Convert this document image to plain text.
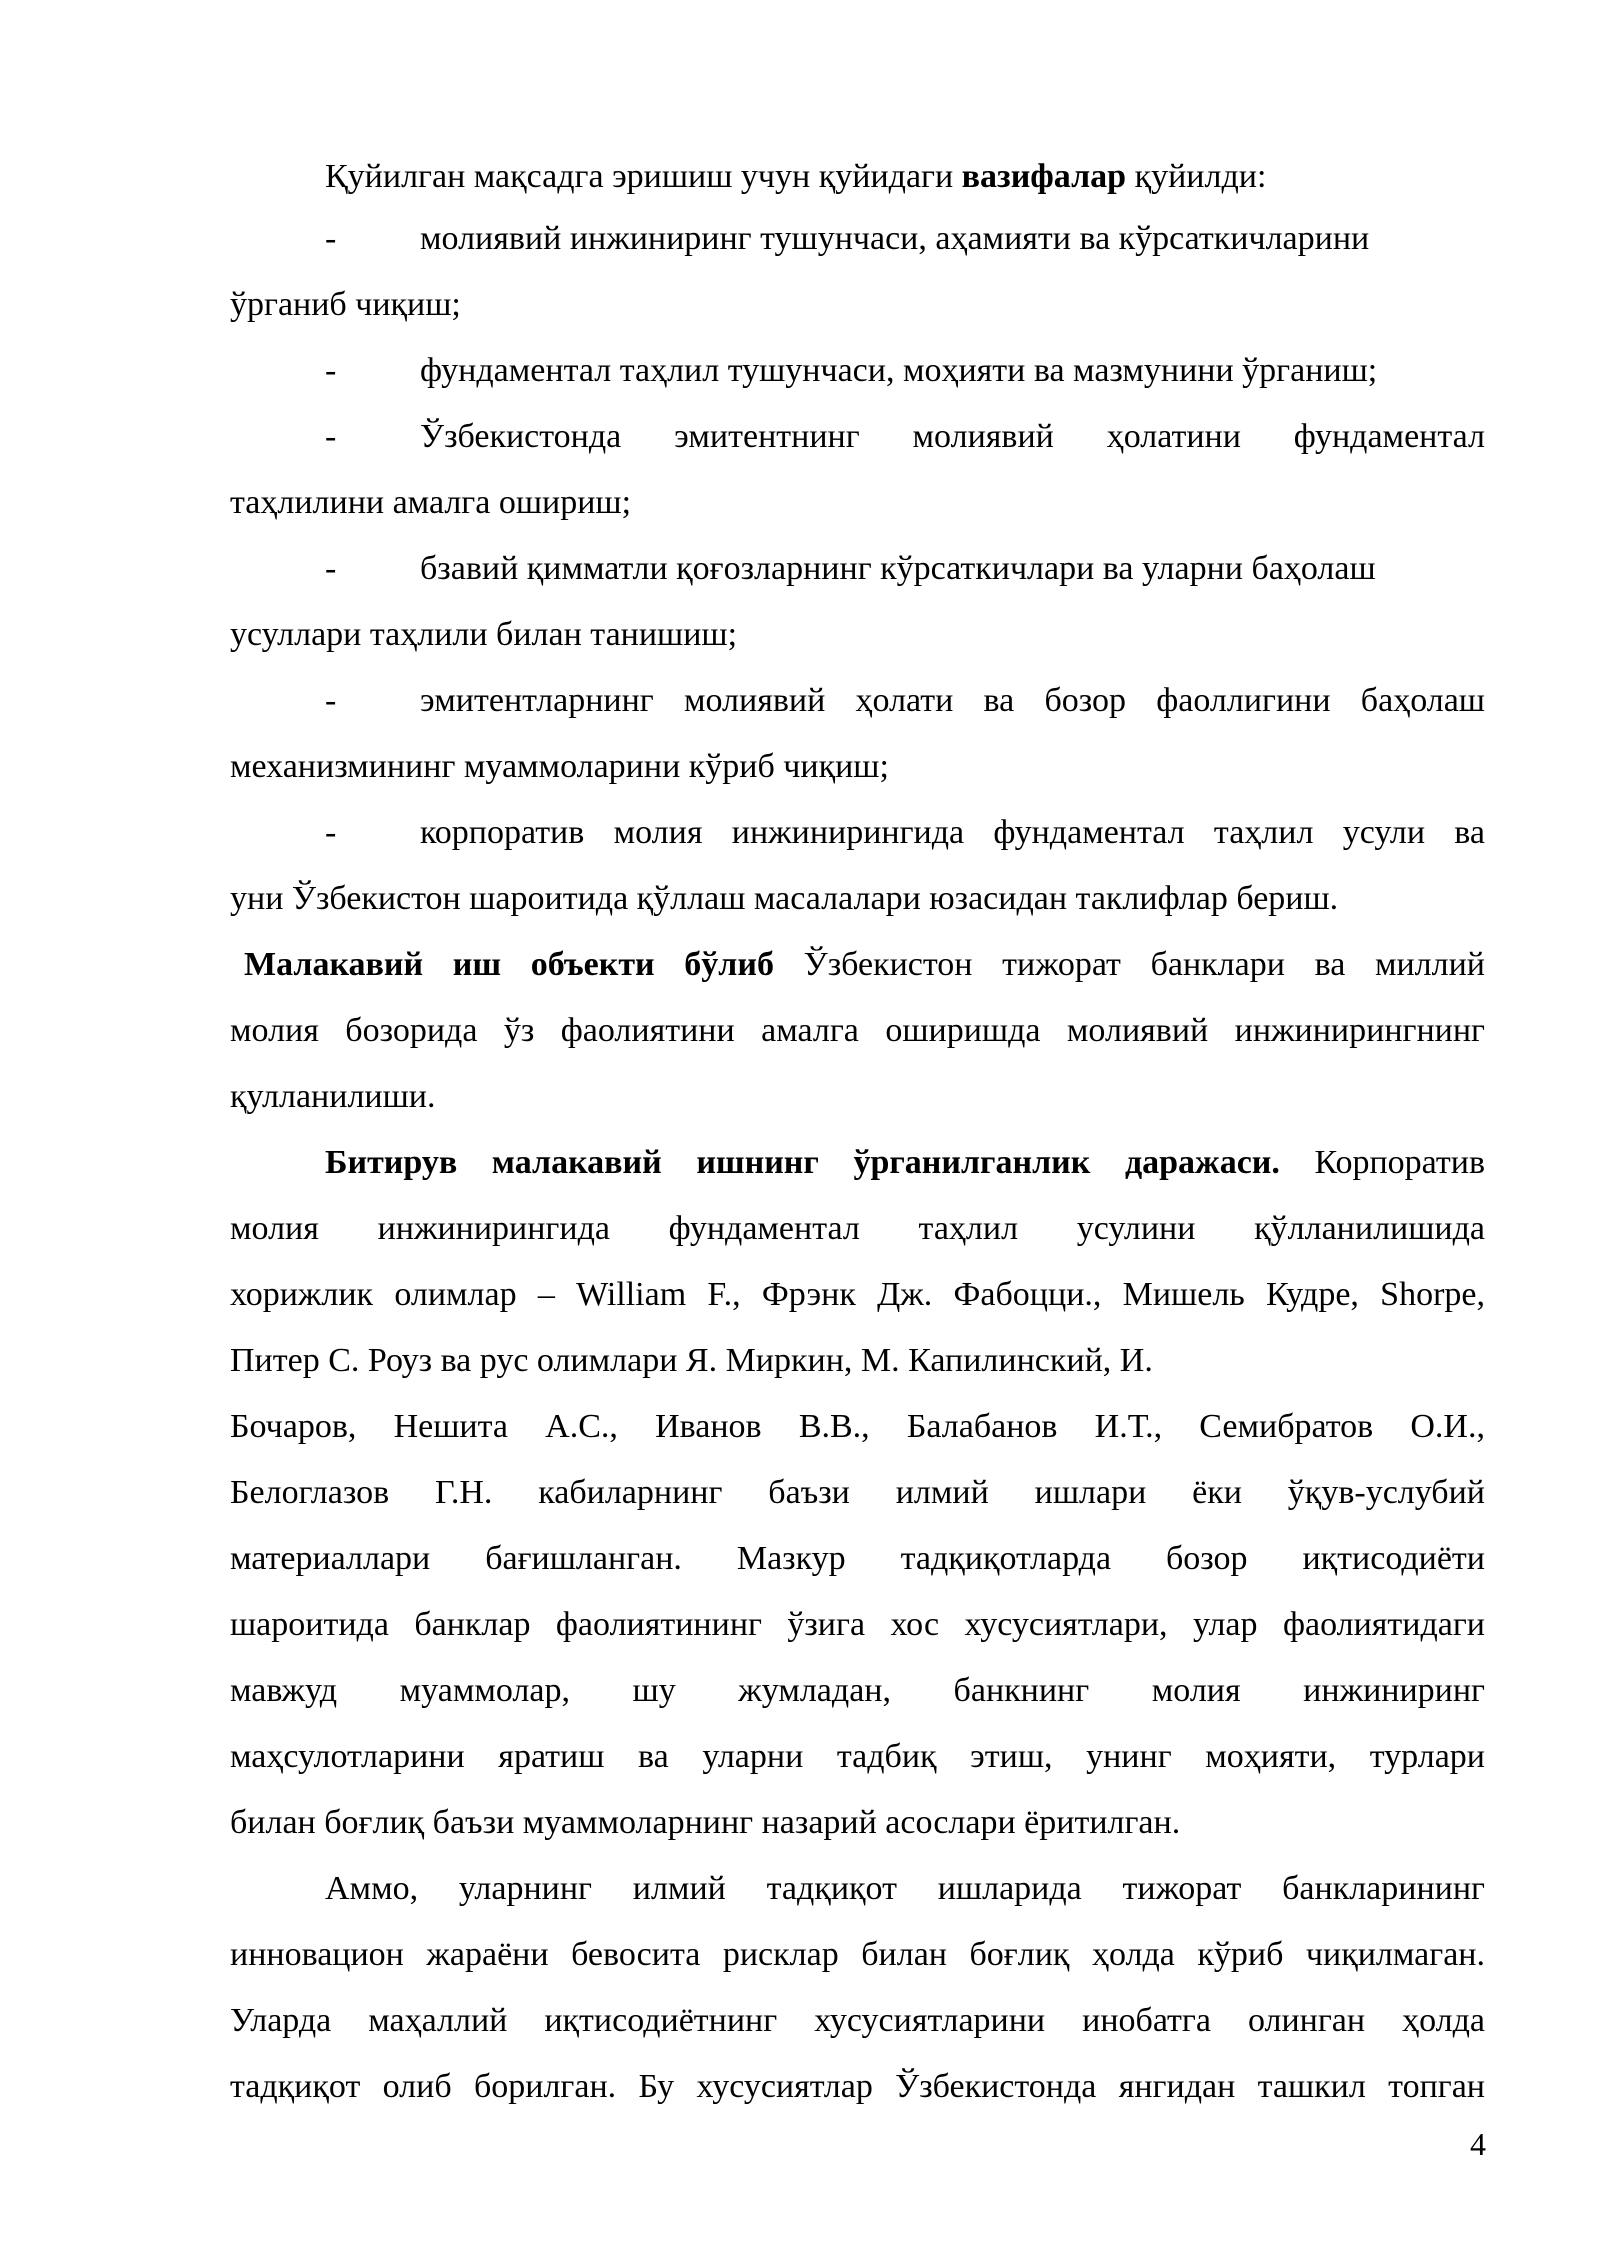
Қуйилган мақсадга эришиш учун қуйидаги вазифалар қуйилди:
- молиявий инжиниринг тушунчаси, аҳамияти ва кўрсаткичларини
ўрганиб чиқиш;
- фундаментал таҳлил тушунчаси, моҳияти ва мазмунини ўрганиш;
- Ўзбекистонда эмитентнинг молиявий ҳолатини фундаментал
таҳлилини амалга ошириш;
- бзавий қимматли қоғозларнинг кўрсаткичлари ва уларни баҳолаш
усуллари таҳлили билан танишиш;
- эмитентларнинг молиявий ҳолати ва бозор фаоллигини баҳолаш
механизмининг муаммоларини кўриб чиқиш;
- корпоратив молия инжинирингида фундаментал таҳлил усули ва
уни Ўзбекистон шароитида қўллаш масалалари юзасидан таклифлар бериш.
Малакавий иш объекти бўлиб Ўзбекистон тижорат банклари ва миллий
молия бозорида ўз фаолиятини амалга оширишда молиявий инжинирингнинг
қулланилиши.
Битирув малакавий ишнинг ўрганилганлик даражаси. Корпоратив
молия инжинирингида фундаментал таҳлил усулини қўлланилишида
хорижлик олимлар – William F., Фрэнк Дж. Фабоцци., Мишель Кудре, Shorpe,
Питер С. Роуз ва рус олимлари Я. Миркин, М. Капилинский, И.
Бочаров, Нешита А.С., Иванов В.В., Балабанов И.Т., Семибратов О.И.,
Белоглазов Г.Н. кабиларнинг баъзи илмий ишлари ёки ўқув-услубий
материаллари бағишланган. Мазкур тадқиқотларда бозор иқтисодиёти
шароитида банклар фаолиятининг ўзига хос хусусиятлари, улар фаолиятидаги
мавжуд муаммолар, шу жумладан, банкнинг молия инжиниринг
маҳсулотларини яратиш ва уларни тадбиқ этиш, унинг моҳияти, турлари
билан боғлиқ баъзи муаммоларнинг назарий асослари ёритилган.
Аммо, уларнинг илмий тадқиқот ишларида тижорат банкларининг
инновацион жараёни бевосита рисклар билан боғлиқ ҳолда кўриб чиқилмаган.
Уларда маҳаллий иқтисодиётнинг хусусиятларини инобатга олинган ҳолда
тадқиқот олиб борилган. Бу хусусиятлар Ўзбекистонда янгидан ташкил топган
4
